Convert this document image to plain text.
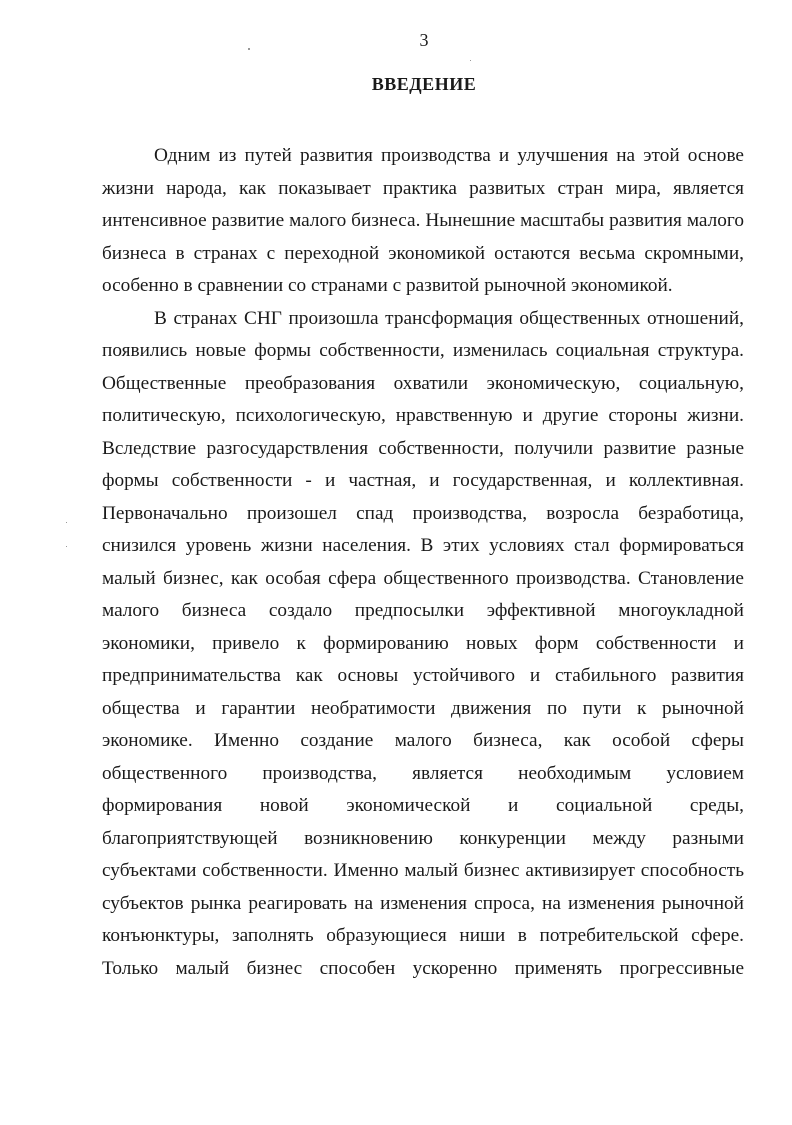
3
ВВЕДЕНИЕ
Одним из путей развития производства и улучшения на этой основе
жизни народа, как показывает практика развитых стран мира, является
интенсивное развитие малого бизнеса. Нынешние масштабы развития малого
бизнеса в странах с переходной экономикой остаются весьма скромными,
особенно в сравнении со странами с развитой рыночной экономикой.
В странах СНГ произошла трансформация общественных отношений,
появились новые формы собственности, изменилась социальная структура.
Общественные преобразования охватили экономическую, социальную,
политическую, психологическую, нравственную и другие стороны жизни.
Вследствие разгосударствления собственности, получили развитие разные
формы собственности - и частная, и государственная, и коллективная.
Первоначально произошел спад производства, возросла безработица,
снизился уровень жизни населения. В этих условиях стал формироваться
малый бизнес, как особая сфера общественного производства. Становление
малого бизнеса создало предпосылки эффективной многоукладной
экономики, привело к формированию новых форм собственности и
предпринимательства как основы устойчивого и стабильного развития
общества и гарантии необратимости движения по пути к рыночной
экономике. Именно создание малого бизнеса, как особой сферы
общественного производства, является необходимым условием
формирования новой экономической и социальной среды,
благоприятствующей возникновению конкуренции между разными
субъектами собственности. Именно малый бизнес активизирует способность
субъектов рынка реагировать на изменения спроса, на изменения рыночной
конъюнктуры, заполнять образующиеся ниши в потребительской сфере.
Только малый бизнес способен ускоренно применять прогрессивные
